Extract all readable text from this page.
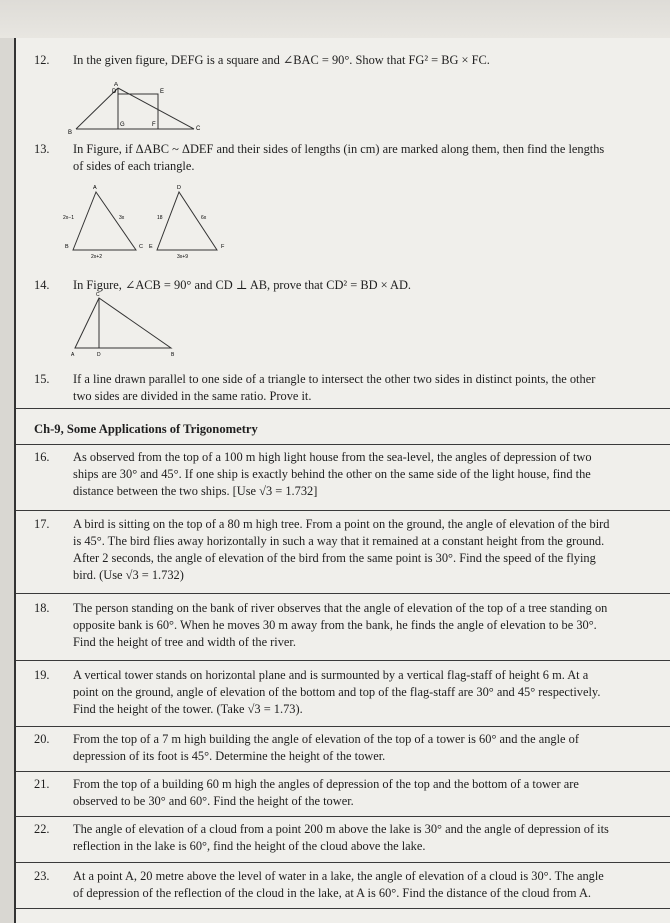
12.	In the given figure, DEFG is a square and ∠BAC = 90°. Show that FG² = BG × FC.
A
B
C
D	E
F
G
13.	In Figure, if ΔABC ~ ΔDEF and their sides of lengths (in cm) are marked along them, then find the lengths
of sides of each triangle.
A
B	C
2x−1	3x
2x+2
D
E	F
18	6x
3x+9
14.	In Figure, ∠ACB = 90° and CD ⊥ AB, prove that CD² = BD × AD.
C
A	D	B
15.	If a line drawn parallel to one side of a triangle to intersect the other two sides in distinct points, the other
two sides are divided in the same ratio. Prove it.
Ch-9, Some Applications of Trigonometry
16.	As observed from the top of a 100 m high light house from the sea-level, the angles of depression of two
ships are 30° and 45°. If one ship is exactly behind the other on the same side of the light house, find the
distance between the two ships. [Use √3 = 1.732]
17.	A bird is sitting on the top of a 80 m high tree. From a point on the ground, the angle of elevation of the bird
is 45°. The bird flies away horizontally in such a way that it remained at a constant height from the ground.
After 2 seconds, the angle of elevation of the bird from the same point is 30°. Find the speed of the flying
bird. (Use √3 = 1.732)
18.	The person standing on the bank of river observes that the angle of elevation of the top of a tree standing on
opposite bank is 60°. When he moves 30 m away from the bank, he finds the angle of elevation to be 30°.
Find the height of tree and width of the river.
19.	A vertical tower stands on horizontal plane and is surmounted by a vertical flag-staff of height 6 m. At a
point on the ground, angle of elevation of the bottom and top of the flag-staff are 30° and 45° respectively.
Find the height of the tower. (Take √3 = 1.73).
20.	From the top of a 7 m high building the angle of elevation of the top of a tower is 60° and the angle of
depression of its foot is 45°. Determine the height of the tower.
21.	From the top of a building 60 m high the angles of depression of the top and the bottom of a tower are
observed to be 30° and 60°. Find the height of the tower.
22.	The angle of elevation of a cloud from a point 200 m above the lake is 30° and the angle of depression of its
reflection in the lake is 60°, find the height of the cloud above the lake.
23.	At a point A, 20 metre above the level of water in a lake, the angle of elevation of a cloud is 30°. The angle
of depression of the reflection of the cloud in the lake, at A is 60°. Find the distance of the cloud from A.
